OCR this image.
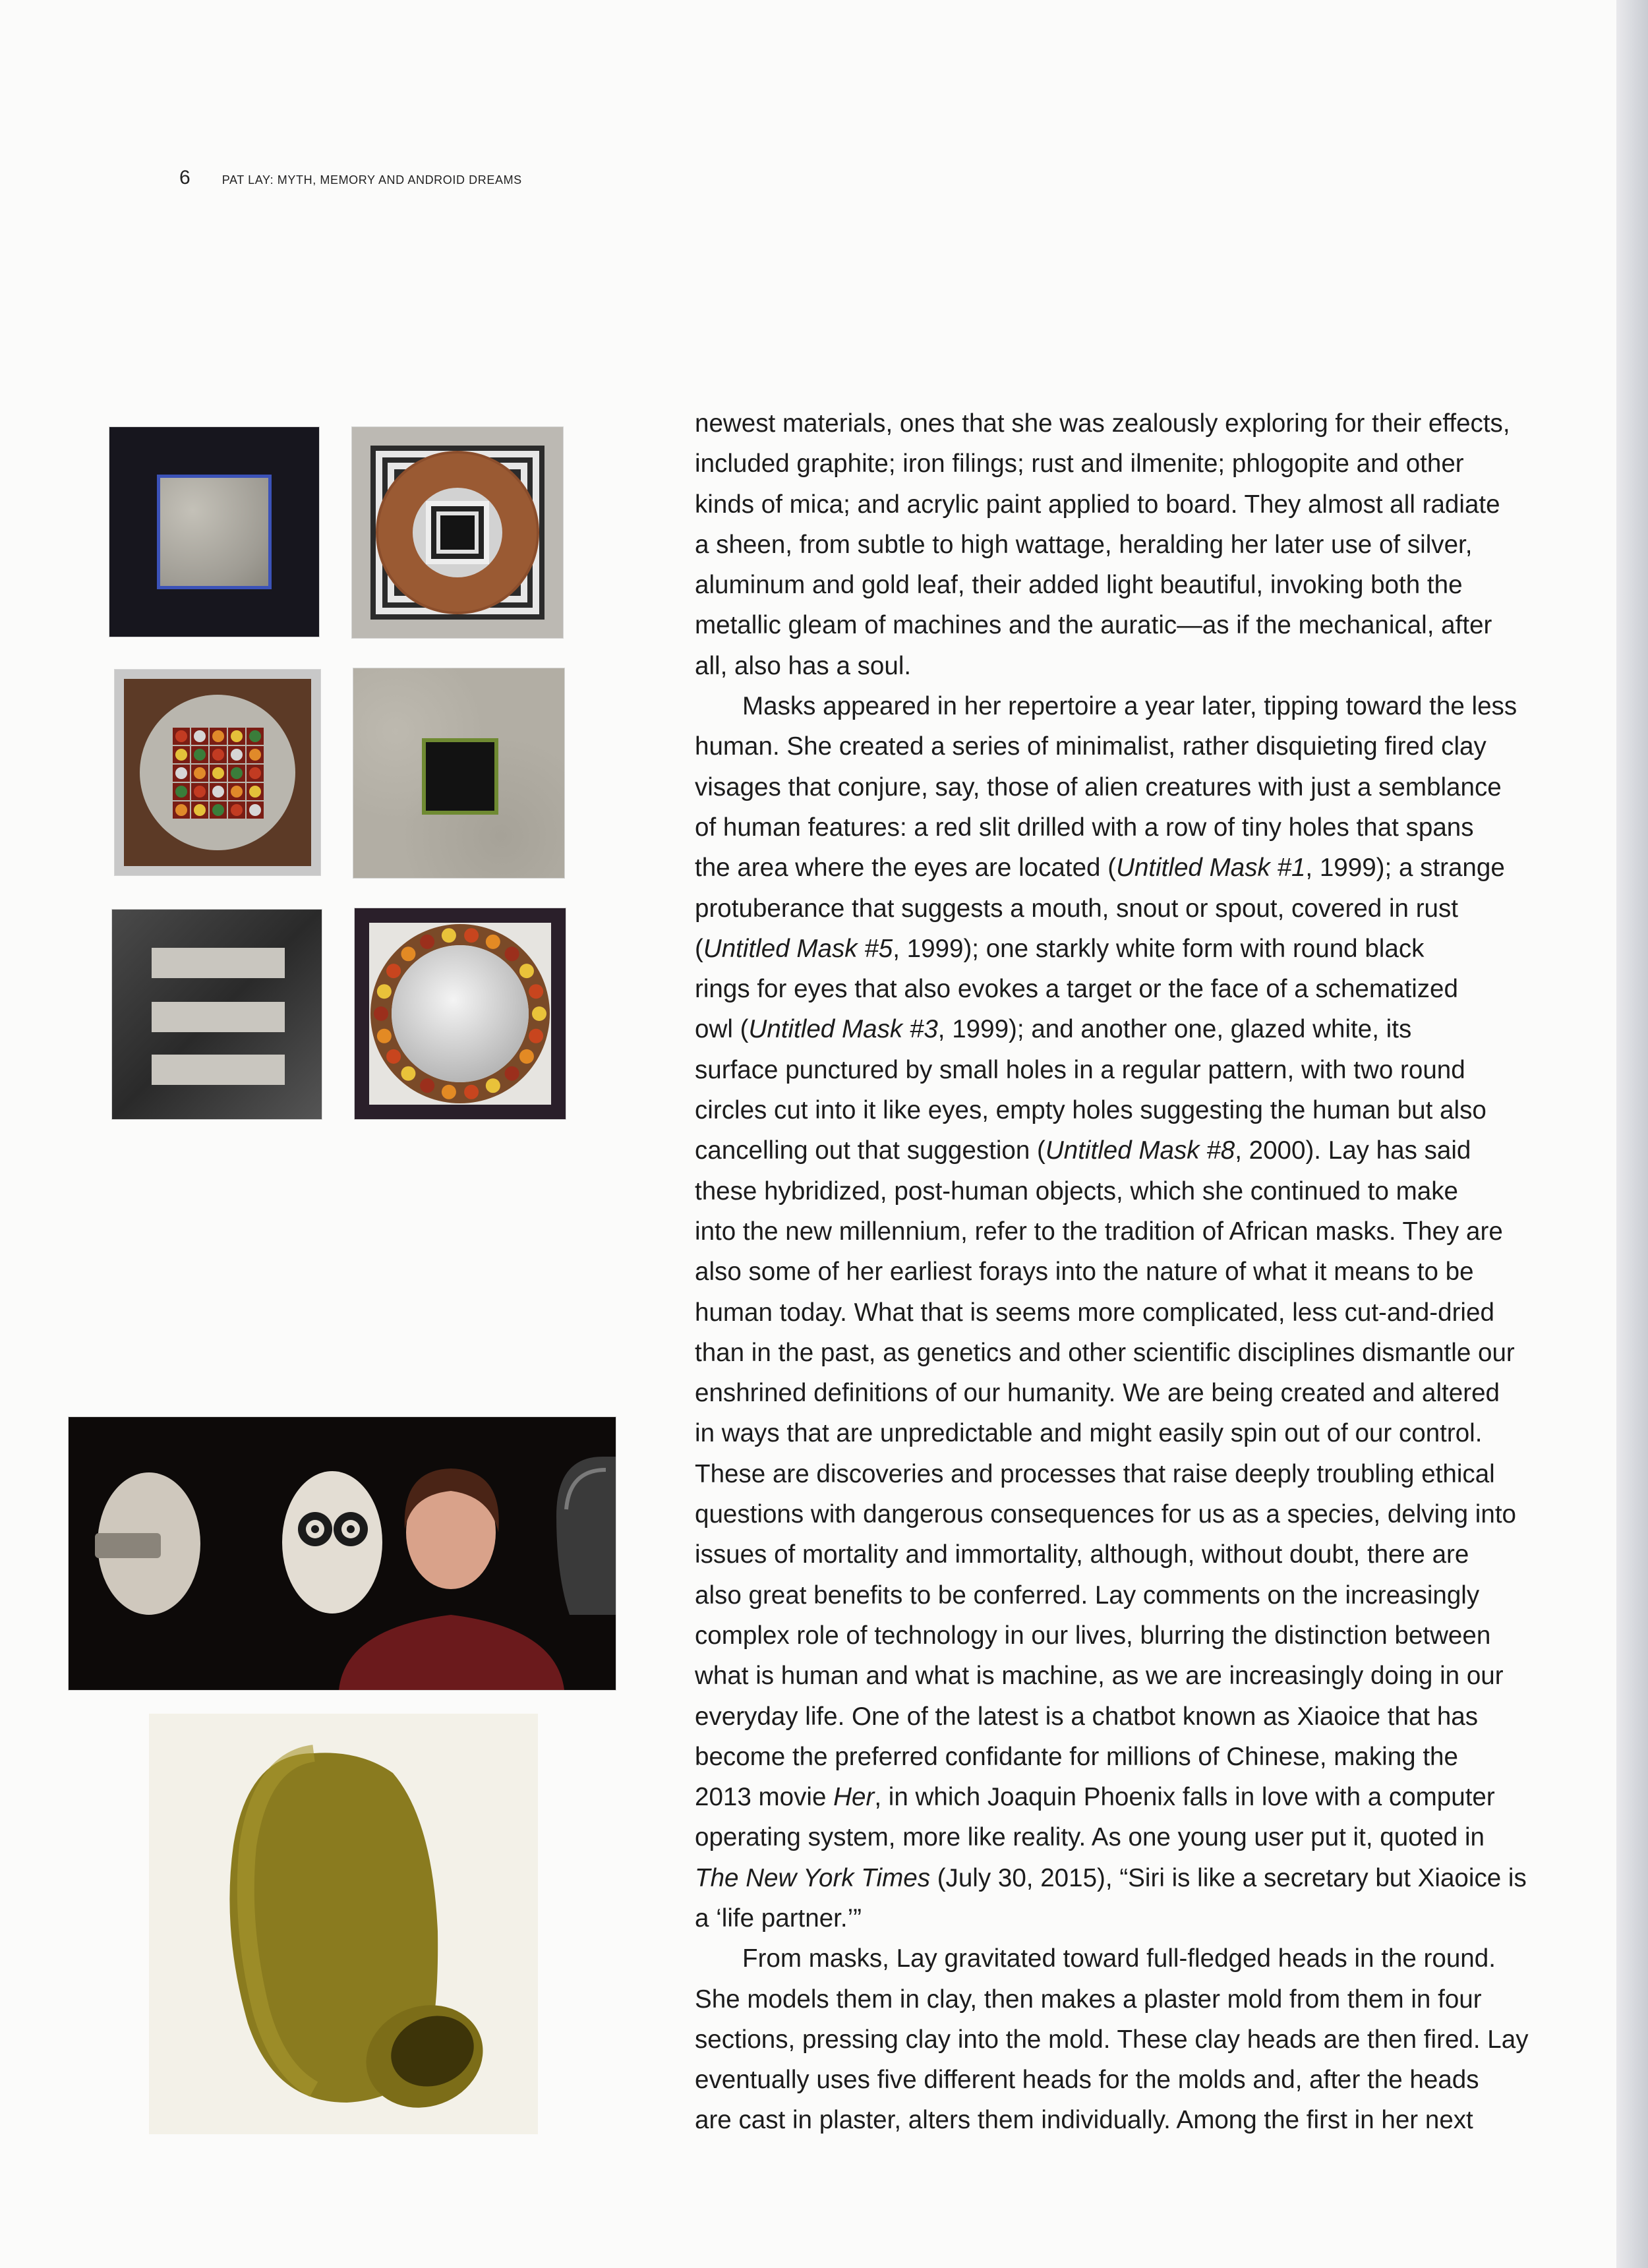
6	PAT LAY: MYTH, MEMORY AND ANDROID DREAMS

newest materials, ones that she was zealously exploring for their effects,

included graphite; iron filings; rust and ilmenite; phlogopite and other

kinds of mica; and acrylic paint applied to board. They almost all radiate

a sheen, from subtle to high wattage, heralding her later use of silver,

aluminum and gold leaf, their added light beautiful, invoking both the

metallic gleam of machines and the auratic—as if the mechanical, after

all, also has a soul.

Masks appeared in her repertoire a year later, tipping toward the less

human. She created a series of minimalist, rather disquieting fired clay

visages that conjure, say, those of alien creatures with just a semblance

of human features: a red slit drilled with a row of tiny holes that spans

the area where the eyes are located (Untitled Mask #1, 1999); a strange

protuberance that suggests a mouth, snout or spout, covered in rust

(Untitled Mask #5, 1999); one starkly white form with round black

rings for eyes that also evokes a target or the face of a schematized

owl (Untitled Mask #3, 1999); and another one, glazed white, its

surface punctured by small holes in a regular pattern, with two round

circles cut into it like eyes, empty holes suggesting the human but also

cancelling out that suggestion (Untitled Mask #8, 2000). Lay has said

these hybridized, post-human objects, which she continued to make

into the new millennium, refer to the tradition of African masks. They are

also some of her earliest forays into the nature of what it means to be

human today. What that is seems more complicated, less cut-and-dried

than in the past, as genetics and other scientific disciplines dismantle our

enshrined definitions of our humanity. We are being created and altered

in ways that are unpredictable and might easily spin out of our control.

These are discoveries and processes that raise deeply troubling ethical

questions with dangerous consequences for us as a species, delving into

issues of mortality and immortality, although, without doubt, there are

also great benefits to be conferred. Lay comments on the increasingly

complex role of technology in our lives, blurring the distinction between

what is human and what is machine, as we are increasingly doing in our

everyday life. One of the latest is a chatbot known as Xiaoice that has

become the preferred confidante for millions of Chinese, making the

2013 movie Her, in which Joaquin Phoenix falls in love with a computer

operating system, more like reality. As one young user put it, quoted in

The New York Times (July 30, 2015), “Siri is like a secretary but Xiaoice is

a ‘life partner.’”

From masks, Lay gravitated toward full-fledged heads in the round.

She models them in clay, then makes a plaster mold from them in four

sections, pressing clay into the mold. These clay heads are then fired. Lay

eventually uses five different heads for the molds and, after the heads

are cast in plaster, alters them individually. Among the first in her next
